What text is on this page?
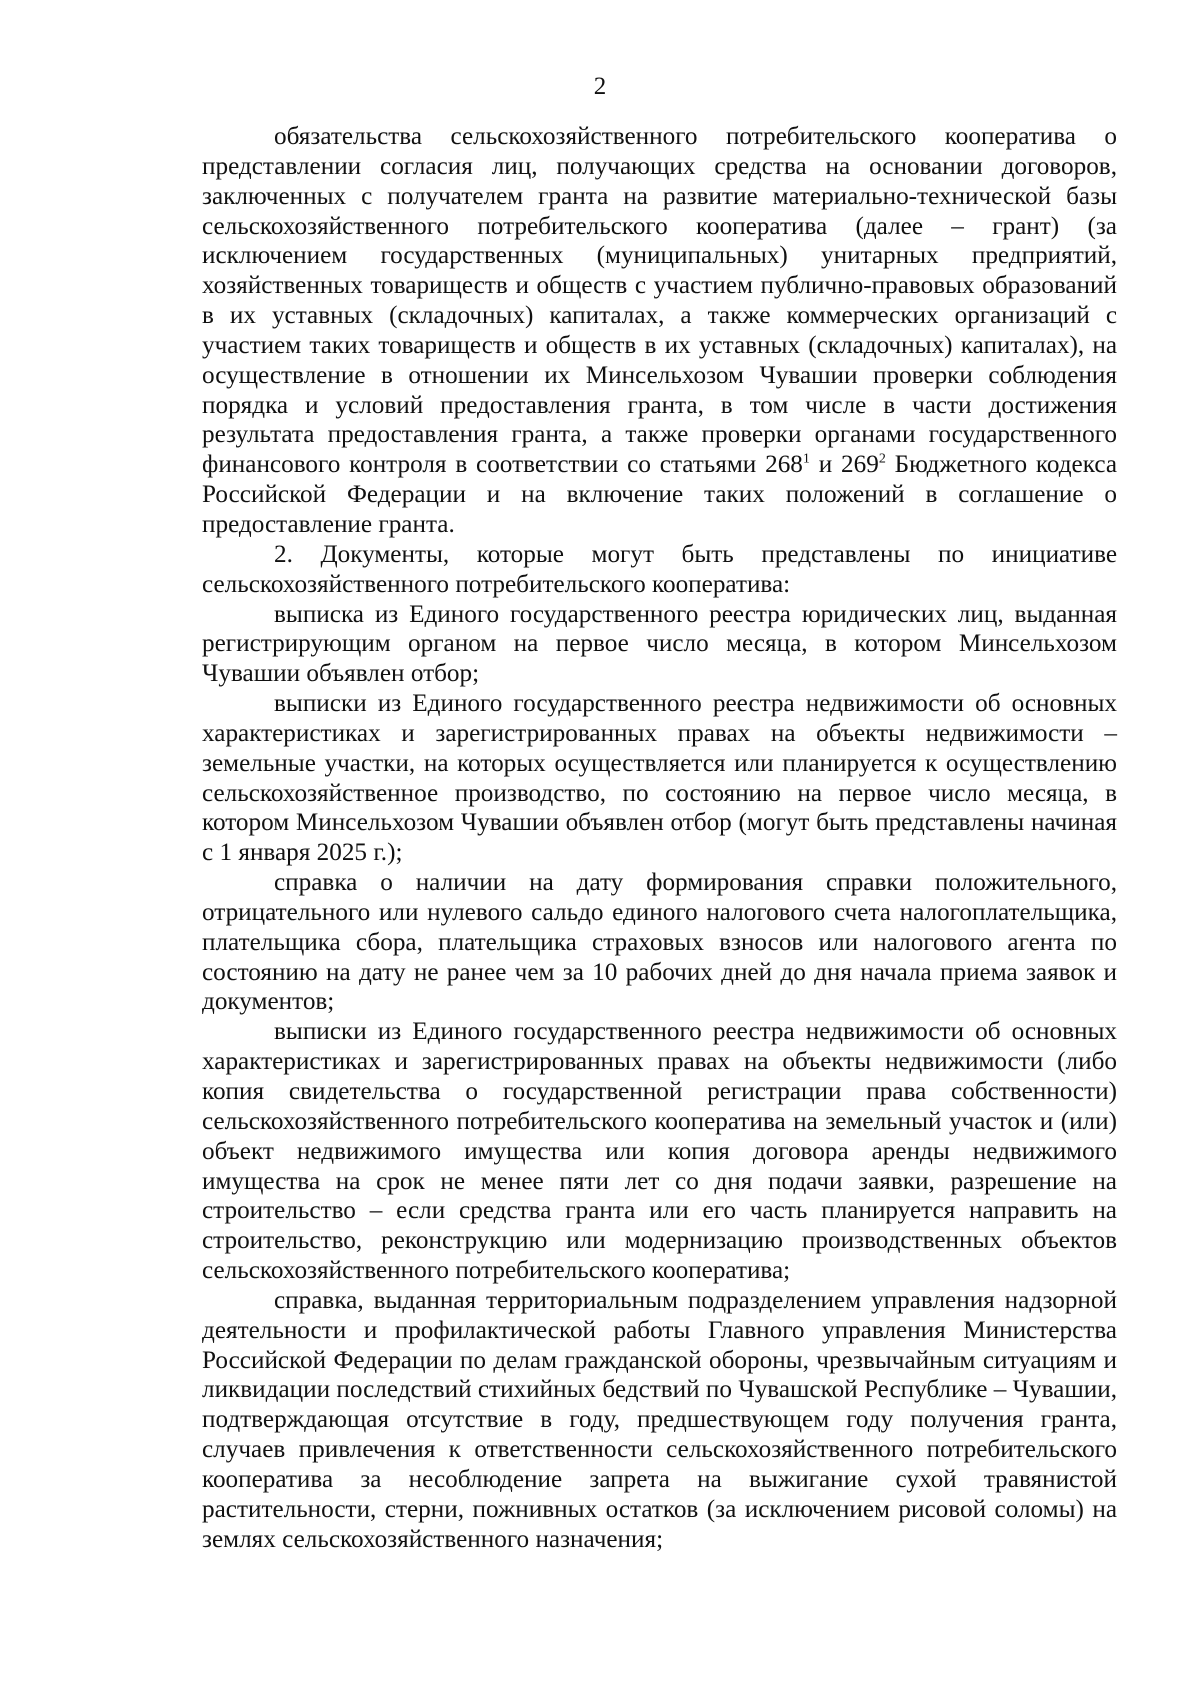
2

обязательства сельскохозяйственного потребительского кооператива о представлении согласия лиц, получающих средства на основании договоров, заключенных с получателем гранта на развитие материально-технической базы сельскохозяйственного потребительского кооператива (далее – грант) (за исключением государственных (муниципальных) унитарных предприятий, хозяйственных товариществ и обществ с участием публично-правовых образований в их уставных (складочных) капиталах, а также коммерческих организаций с участием таких товариществ и обществ в их уставных (складочных) капиталах), на осуществление в отношении их Минсельхозом Чувашии проверки соблюдения порядка и условий предоставления гранта, в том числе в части достижения результата предоставления гранта, а также проверки органами государственного финансового контроля в соответствии со статьями $268^1$ и $269^2$ Бюджетного кодекса Российской Федерации и на включение таких положений в соглашение о предоставление гранта.

2. Документы, которые могут быть представлены по инициативе сельскохозяйственного потребительского кооператива:

выписка из Единого государственного реестра юридических лиц, выданная регистрирующим органом на первое число месяца, в котором Минсельхозом Чувашии объявлен отбор;

выписки из Единого государственного реестра недвижимости об основных характеристиках и зарегистрированных правах на объекты недвижимости – земельные участки, на которых осуществляется или планируется к осуществлению сельскохозяйственное производство, по состоянию на первое число месяца, в котором Минсельхозом Чувашии объявлен отбор (могут быть представлены начиная с 1 января 2025 г.);

справка о наличии на дату формирования справки положительного, отрицательного или нулевого сальдо единого налогового счета налогоплательщика, плательщика сбора, плательщика страховых взносов или налогового агента по состоянию на дату не ранее чем за 10 рабочих дней до дня начала приема заявок и документов;

выписки из Единого государственного реестра недвижимости об основных характеристиках и зарегистрированных правах на объекты недвижимости (либо копия свидетельства о государственной регистрации права собственности) сельскохозяйственного потребительского кооператива на земельный участок и (или) объект недвижимого имущества или копия договора аренды недвижимого имущества на срок не менее пяти лет со дня подачи заявки, разрешение на строительство – если средства гранта или его часть планируется направить на строительство, реконструкцию или модернизацию производственных объектов сельскохозяйственного потребительского кооператива;

справка, выданная территориальным подразделением управления надзорной деятельности и профилактической работы Главного управления Министерства Российской Федерации по делам гражданской обороны, чрезвычайным ситуациям и ликвидации последствий стихийных бедствий по Чувашской Республике – Чувашии, подтверждающая отсутствие в году, предшествующем году получения гранта, случаев привлечения к ответственности сельскохозяйственного потребительского кооператива за несоблюдение запрета на выжигание сухой травянистой растительности, стерни, пожнивных остатков (за исключением рисовой соломы) на землях сельскохозяйственного назначения;
